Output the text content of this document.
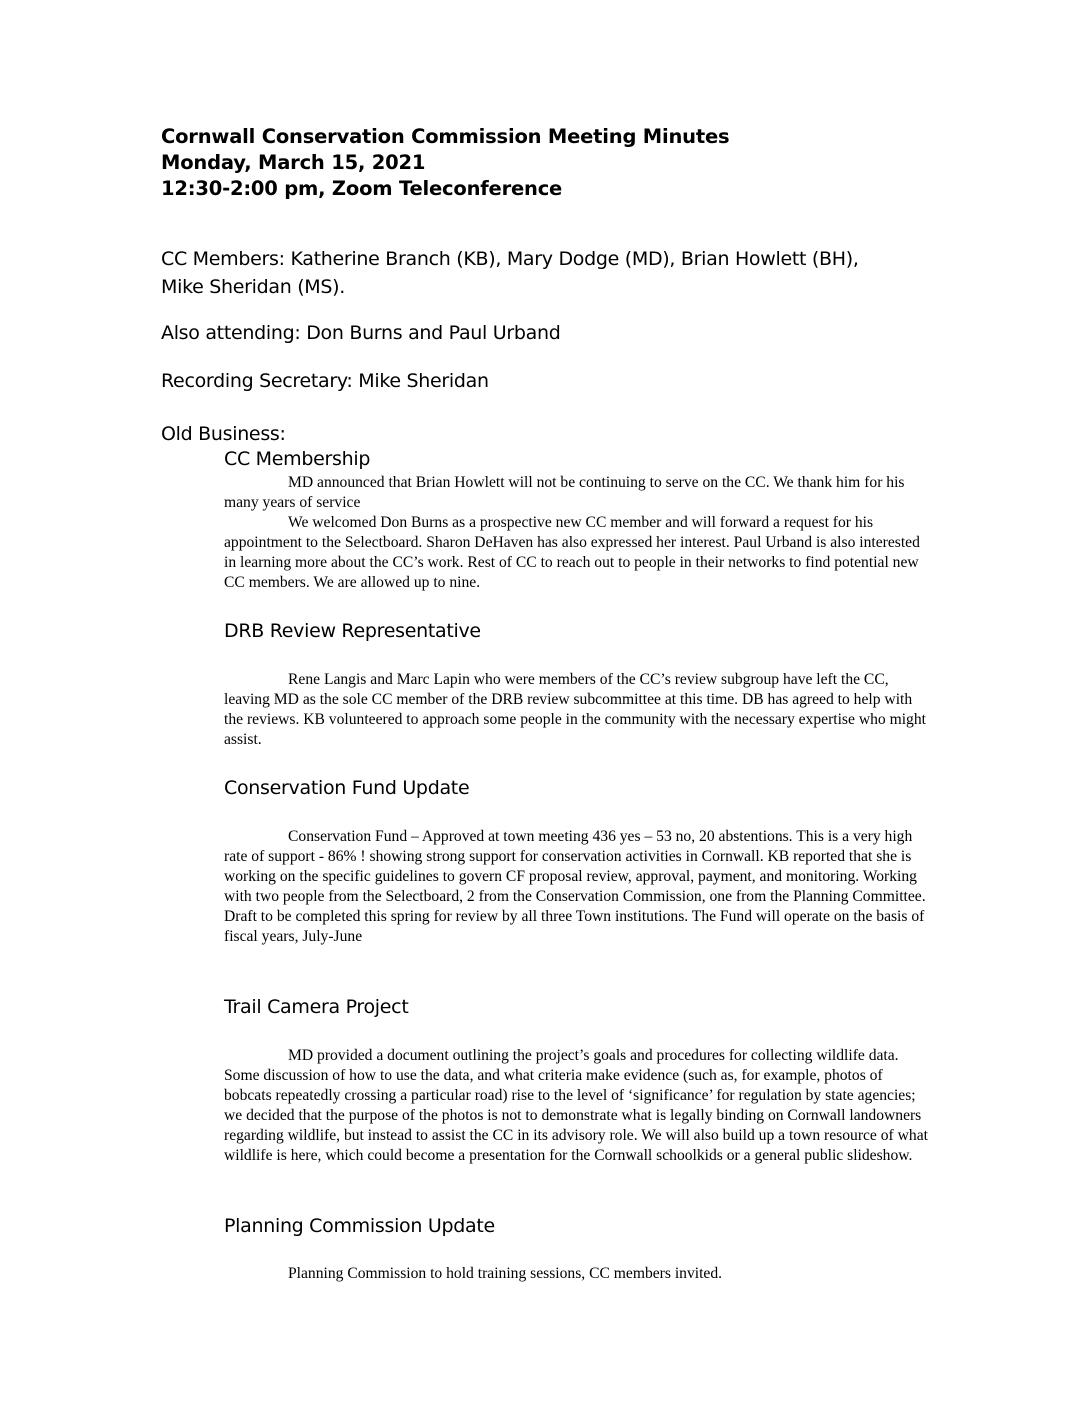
Cornwall Conservation Commission Meeting Minutes
Monday, March 15, 2021
12:30-2:00 pm, Zoom Teleconference
CC Members: Katherine Branch (KB), Mary Dodge (MD), Brian Howlett (BH),
Mike Sheridan (MS).
Also attending: Don Burns and Paul Urband
Recording Secretary: Mike Sheridan
Old Business:
CC Membership

MD announced that Brian Howlett will not be continuing to serve on the CC. We thank him for his many years of service

We welcomed Don Burns as a prospective new CC member and will forward a request for his appointment to the Selectboard. Sharon DeHaven has also expressed her interest. Paul Urband is also interested in learning more about the CC’s work. Rest of CC to reach out to people in their networks to find potential new CC members. We are allowed up to nine.

DRB Review Representative

Rene Langis and Marc Lapin who were members of the CC’s review subgroup have left the CC, leaving MD as the sole CC member of the DRB review subcommittee at this time. DB has agreed to help with the reviews. KB volunteered to approach some people in the community with the necessary expertise who might assist.

Conservation Fund Update

Conservation Fund – Approved at town meeting 436 yes – 53 no, 20 abstentions. This is a very high rate of support - 86% ! showing strong support for conservation activities in Cornwall. KB reported that she is working on the specific guidelines to govern CF proposal review, approval, payment, and monitoring. Working with two people from the Selectboard, 2 from the Conservation Commission, one from the Planning Committee. Draft to be completed this spring for review by all three Town institutions. The Fund will operate on the basis of fiscal years, July-June

Trail Camera Project

MD provided a document outlining the project’s goals and procedures for collecting wildlife data. Some discussion of how to use the data, and what criteria make evidence (such as, for example, photos of bobcats repeatedly crossing a particular road) rise to the level of ‘significance’ for regulation by state agencies; we decided that the purpose of the photos is not to demonstrate what is legally binding on Cornwall landowners regarding wildlife, but instead to assist the CC in its advisory role. We will also build up a town resource of what wildlife is here, which could become a presentation for the Cornwall schoolkids or a general public slideshow.

Planning Commission Update

Planning Commission to hold training sessions, CC members invited.
